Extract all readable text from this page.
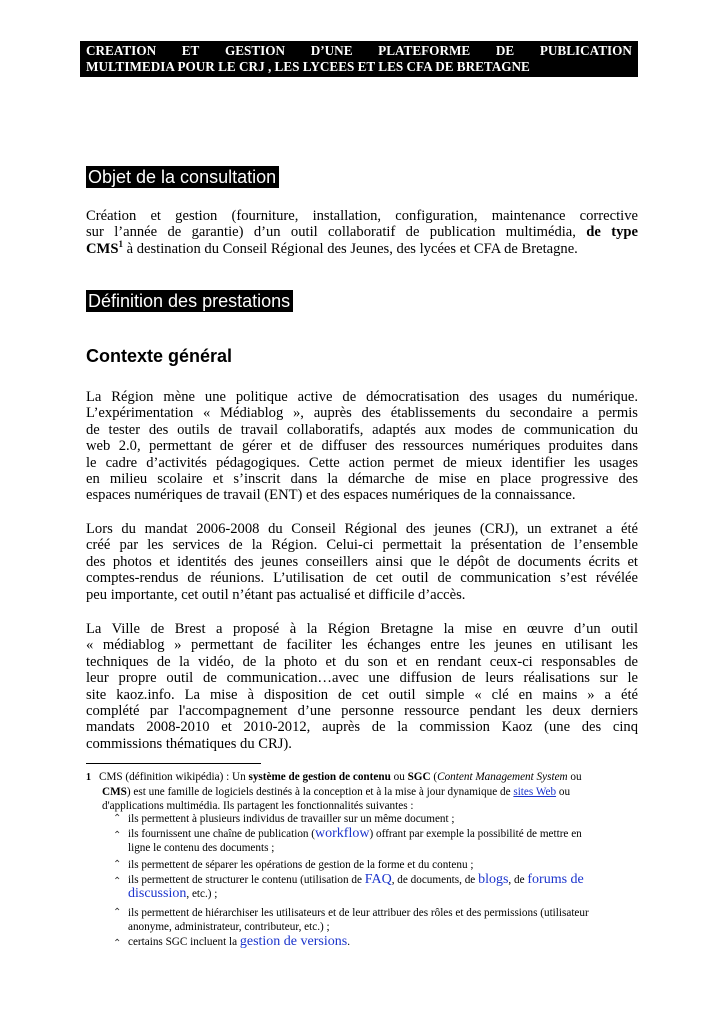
CREATION ET GESTION D’UNE PLATEFORME DE PUBLICATION
MULTIMEDIA POUR LE CRJ , LES LYCEES ET LES CFA DE BRETAGNE
Objet de la consultation
Création et gestion (fourniture, installation, configuration, maintenance corrective
sur l’année de garantie) d’un outil collaboratif de publication multimédia, de type
CMS$^1$ à destination du Conseil Régional des Jeunes, des lycées et CFA de Bretagne.
Définition des prestations
Contexte général
La Région mène une politique active de démocratisation des usages du numérique.
L’expérimentation « Médiablog », auprès des établissements du secondaire a permis
de tester des outils de travail collaboratifs, adaptés aux modes de communication du
web 2.0, permettant de gérer et de diffuser des ressources numériques produites dans
le cadre d’activités pédagogiques. Cette action permet de mieux identifier les usages
en milieu scolaire et s’inscrit dans la démarche de mise en place progressive des
espaces numériques de travail (ENT) et des espaces numériques de la connaissance.
Lors du mandat 2006-2008 du Conseil Régional des jeunes (CRJ), un extranet a été
créé par les services de la Région. Celui-ci permettait la présentation de l’ensemble
des photos et identités des jeunes conseillers ainsi que le dépôt de documents écrits et
comptes-rendus de réunions. L’utilisation de cet outil de communication s’est révélée
peu importante, cet outil n’étant pas actualisé et difficile d’accès.
La Ville de Brest a proposé à la Région Bretagne la mise en œuvre d’un outil
« médiablog » permettant de faciliter les échanges entre les jeunes en utilisant les
techniques de la vidéo, de la photo et du son et en rendant ceux-ci responsables de
leur propre outil de communication…avec une diffusion de leurs réalisations sur le
site kaoz.info. La mise à disposition de cet outil simple « clé en mains » a été
complété par l'accompagnement d’une personne ressource pendant les deux derniers
mandats 2008-2010 et 2010-2012, auprès de la commission Kaoz (une des cinq
commissions thématiques du CRJ).
1 CMS (définition wikipédia) : Un système de gestion de contenu ou SGC (Content Management System ou
CMS) est une famille de logiciels destinés à la conception et à la mise à jour dynamique de sites Web ou
d'applications multimédia. Ils partagent les fonctionnalités suivantes :
⌃ ils permettent à plusieurs individus de travailler sur un même document ;
⌃ ils fournissent une chaîne de publication (workflow) offrant par exemple la possibilité de mettre en
ligne le contenu des documents ;
⌃ ils permettent de séparer les opérations de gestion de la forme et du contenu ;
⌃ ils permettent de structurer le contenu (utilisation de FAQ, de documents, de blogs, de forums de
discussion, etc.) ;
⌃ ils permettent de hiérarchiser les utilisateurs et de leur attribuer des rôles et des permissions (utilisateur
anonyme, administrateur, contributeur, etc.) ;
⌃ certains SGC incluent la gestion de versions.
